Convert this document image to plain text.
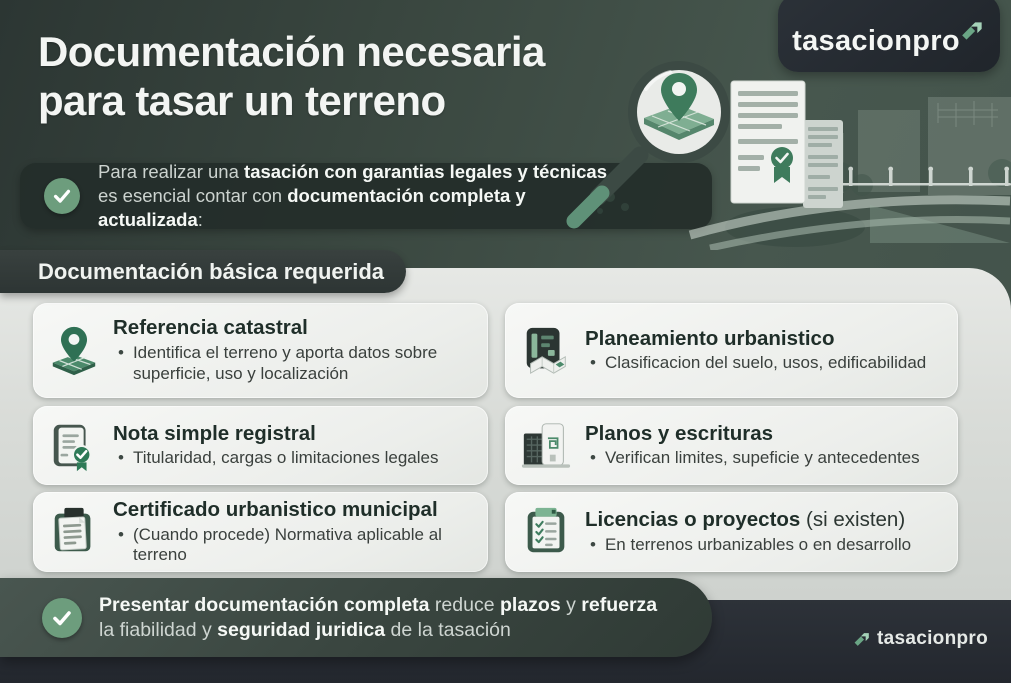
Documentación necesaria
para tasar un terreno
tasacionpro
Para realizar una tasación con garantias legales y técnicas, es esencial contar con documentación completa y actualizada:
Documentación básica requerida
Referencia catastral
• Identifica el terreno y aporta datos sobre superficie, uso y localización
Planeamiento urbanistico
• Clasificacion del suelo, usos, edificabilidad
Nota simple registral
• Titularidad, cargas o limitaciones legales
Planos y escrituras
• Verifican limites, supeficie y antecedentes
Certificado urbanistico municipal
• (Cuando procede) Normativa aplicable al terreno
Licencias o proyectos (si existen)
• En terrenos urbanizables o en desarrollo
Presentar documentación completa reduce plazos y refuerza la fiabilidad y seguridad juridica de la tasación	tasacionpro
